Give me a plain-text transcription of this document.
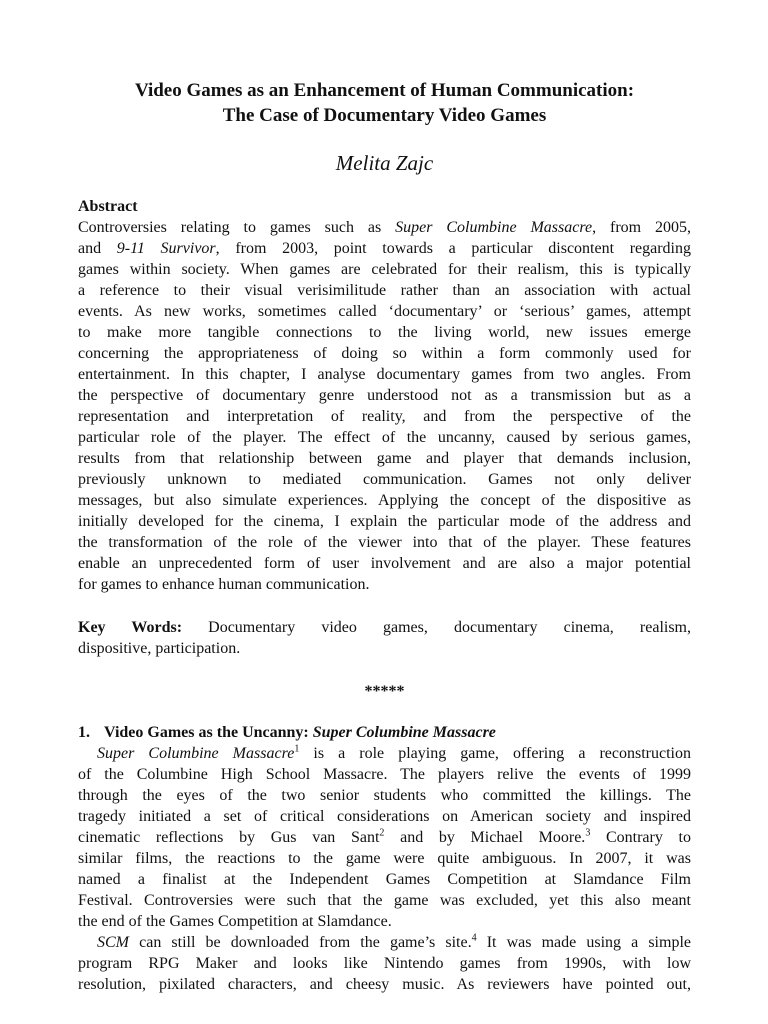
Video Games as an Enhancement of Human Communication:
The Case of Documentary Video Games
Melita Zajc
Abstract
Controversies relating to games such as Super Columbine Massacre, from 2005,
and 9-11 Survivor, from 2003, point towards a particular discontent regarding
games within society. When games are celebrated for their realism, this is typically
a reference to their visual verisimilitude rather than an association with actual
events. As new works, sometimes called ‘documentary’ or ‘serious’ games, attempt
to make more tangible connections to the living world, new issues emerge
concerning the appropriateness of doing so within a form commonly used for
entertainment. In this chapter, I analyse documentary games from two angles. From
the perspective of documentary genre understood not as a transmission but as a
representation and interpretation of reality, and from the perspective of the
particular role of the player. The effect of the uncanny, caused by serious games,
results from that relationship between game and player that demands inclusion,
previously unknown to mediated communication. Games not only deliver
messages, but also simulate experiences. Applying the concept of the dispositive as
initially developed for the cinema, I explain the particular mode of the address and
the transformation of the role of the viewer into that of the player. These features
enable an unprecedented form of user involvement and are also a major potential
for games to enhance human communication.
Key Words: Documentary video games, documentary cinema, realism,
dispositive, participation.
*****
1. Video Games as the Uncanny: Super Columbine Massacre
Super Columbine Massacre$^1$ is a role playing game, offering a reconstruction
of the Columbine High School Massacre. The players relive the events of 1999
through the eyes of the two senior students who committed the killings. The
tragedy initiated a set of critical considerations on American society and inspired
cinematic reflections by Gus van Sant$^2$ and by Michael Moore.$^3$ Contrary to
similar films, the reactions to the game were quite ambiguous. In 2007, it was
named a finalist at the Independent Games Competition at Slamdance Film
Festival. Controversies were such that the game was excluded, yet this also meant
the end of the Games Competition at Slamdance.
SCM can still be downloaded from the game’s site.$^4$ It was made using a simple
program RPG Maker and looks like Nintendo games from 1990s, with low
resolution, pixilated characters, and cheesy music. As reviewers have pointed out,
